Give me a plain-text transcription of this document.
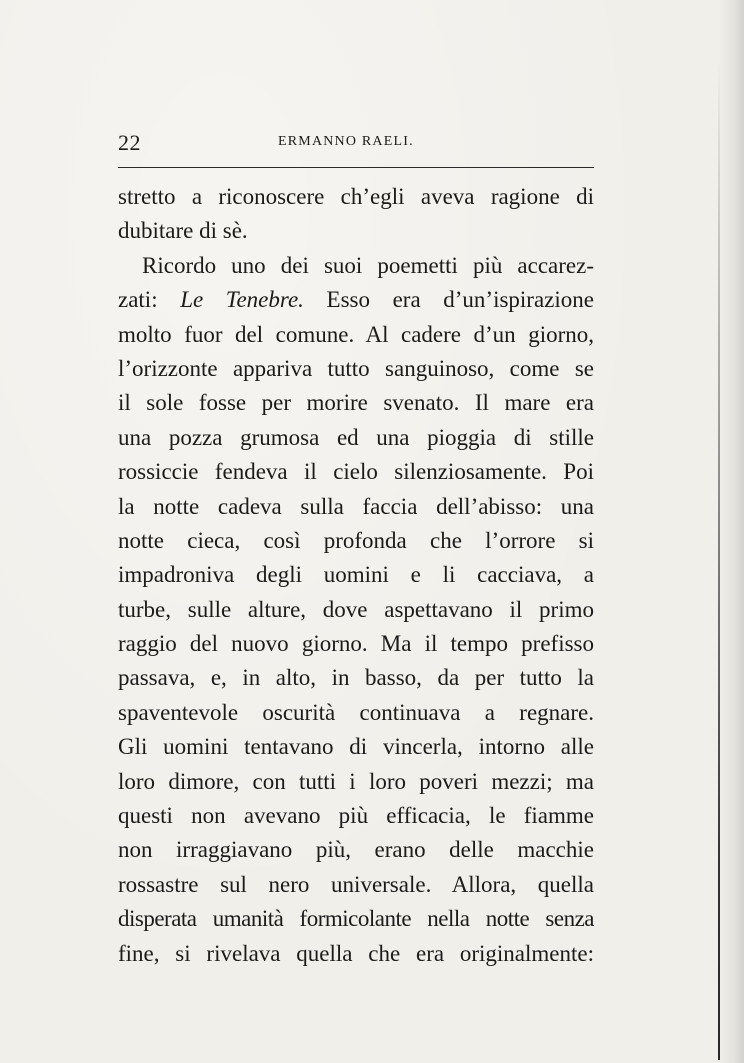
22	ERMANNO RAELI.
stretto a riconoscere ch’egli aveva ragione di
dubitare di sè.
Ricordo uno dei suoi poemetti più accarez-
zati: Le Tenebre. Esso era d’un’ispirazione
molto fuor del comune. Al cadere d’un giorno,
l’orizzonte appariva tutto sanguinoso, come se
il sole fosse per morire svenato. Il mare era
una pozza grumosa ed una pioggia di stille
rossiccie fendeva il cielo silenziosamente. Poi
la notte cadeva sulla faccia dell’abisso: una
notte cieca, così profonda che l’orrore si
impadroniva degli uomini e li cacciava, a
turbe, sulle alture, dove aspettavano il primo
raggio del nuovo giorno. Ma il tempo prefisso
passava, e, in alto, in basso, da per tutto la
spaventevole oscurità continuava a regnare.
Gli uomini tentavano di vincerla, intorno alle
loro dimore, con tutti i loro poveri mezzi; ma
questi non avevano più efficacia, le fiamme
non irraggiavano più, erano delle macchie
rossastre sul nero universale. Allora, quella
disperata umanità formicolante nella notte senza
fine, si rivelava quella che era originalmente:
